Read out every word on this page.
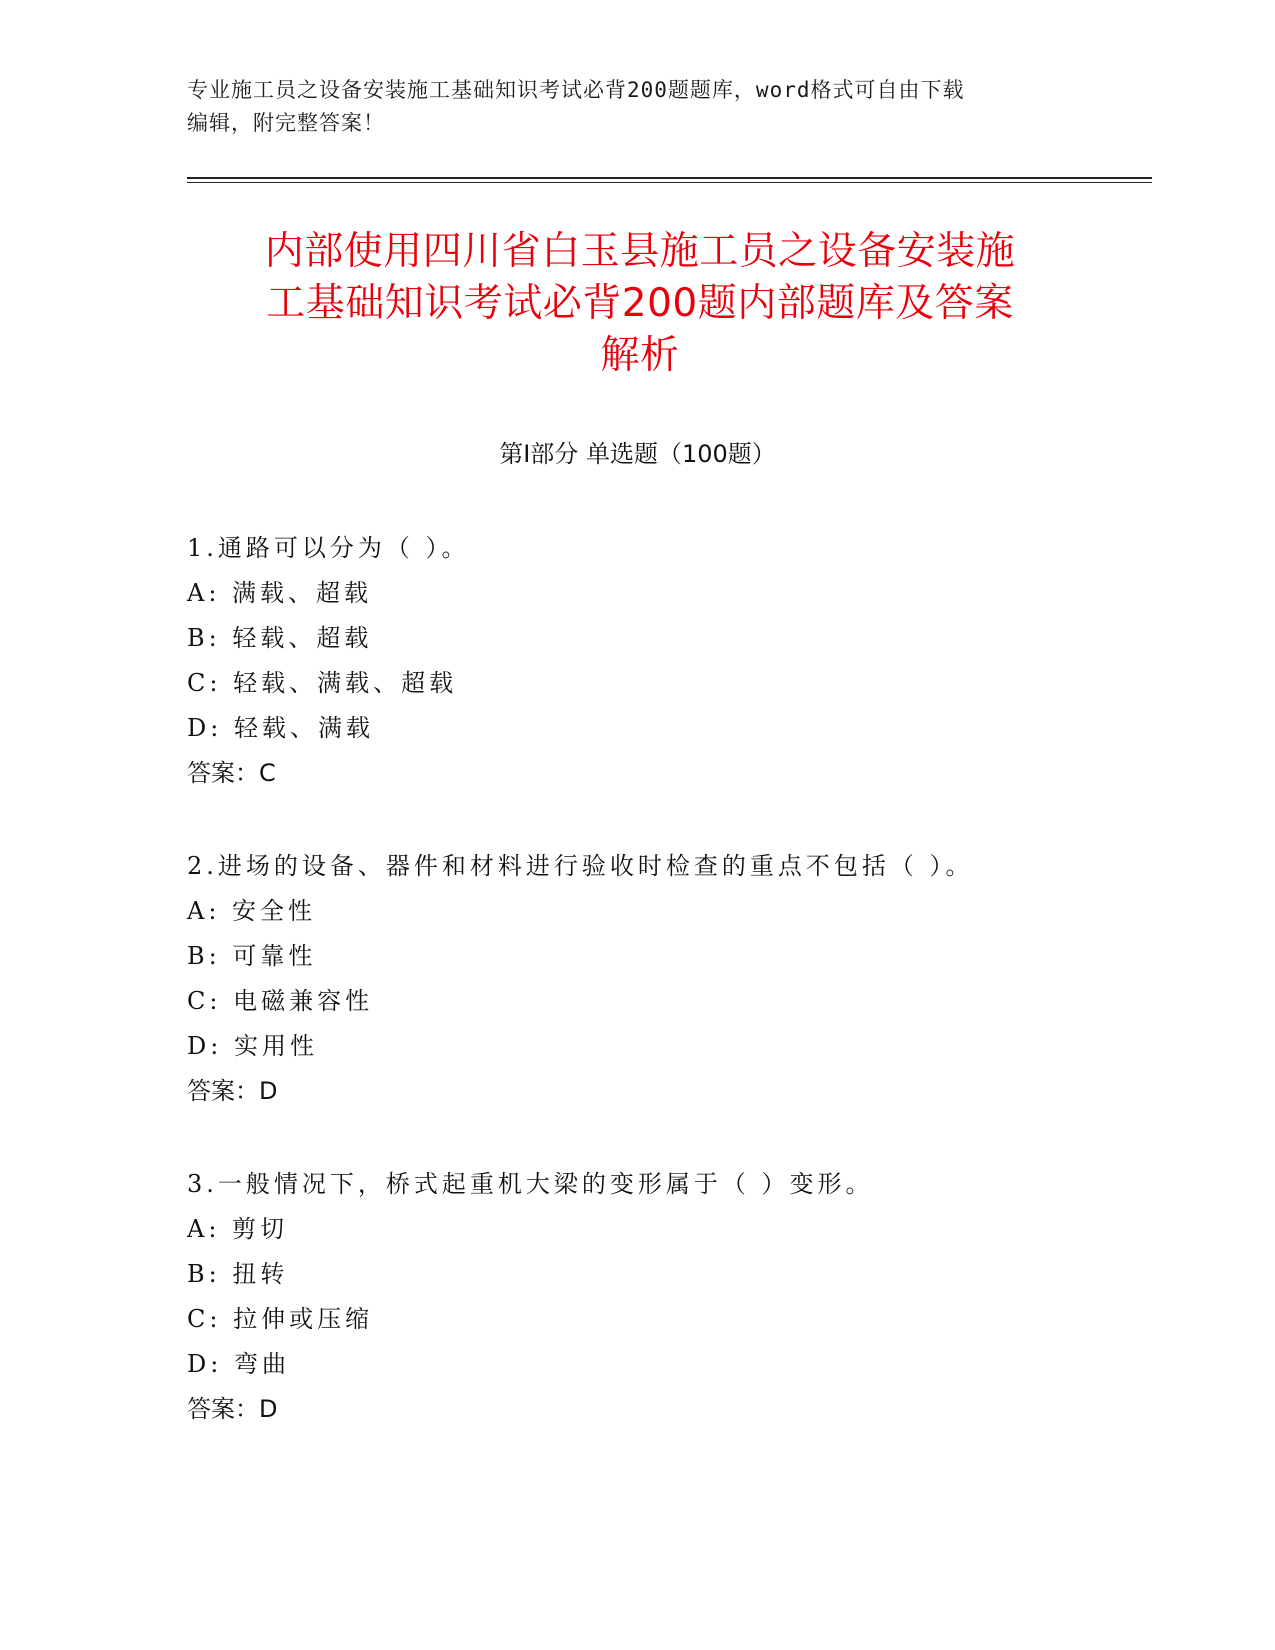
专业施工员之设备安装施工基础知识考试必背200题题库，word格式可自由下载
编辑，附完整答案！
内部使用四川省白玉县施工员之设备安装施
工基础知识考试必背200题内部题库及答案
解析
第Ⅰ部分 单选题（100题）
1.通路可以分为（ ）。
A: 满载、超载
B: 轻载、超载
C: 轻载、满载、超载
D: 轻载、满载
答案：C
2.进场的设备、器件和材料进行验收时检查的重点不包括（ ）。
A: 安全性
B: 可靠性
C: 电磁兼容性
D: 实用性
答案：D
3.一般情况下，桥式起重机大梁的变形属于（ ）变形。
A: 剪切
B: 扭转
C: 拉伸或压缩
D: 弯曲
答案：D
